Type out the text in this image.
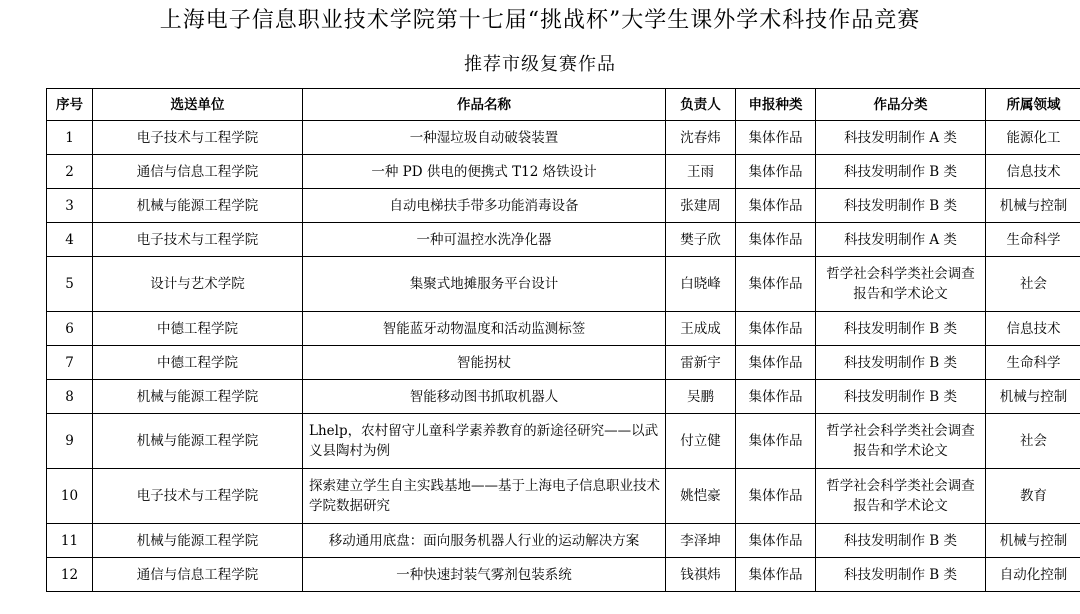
上海电子信息职业技术学院第十七届“挑战杯”大学生课外学术科技作品竞赛
推荐市级复赛作品
序号	选送单位	作品名称	负责人	申报种类	作品分类	所属领域
1	电子技术与工程学院	一种湿垃圾自动破袋装置	沈春炜	集体作品	科技发明制作 A 类	能源化工
2	通信与信息工程学院	一种 PD 供电的便携式 T12 烙铁设计	王雨	集体作品	科技发明制作 B 类	信息技术
3	机械与能源工程学院	自动电梯扶手带多功能消毒设备	张建周	集体作品	科技发明制作 B 类	机械与控制
4	电子技术与工程学院	一种可温控水洗净化器	樊子欣	集体作品	科技发明制作 A 类	生命科学
5	设计与艺术学院	集聚式地摊服务平台设计	白晓峰	集体作品	哲学社会科学类社会调查报告和学术论文	社会
6	中德工程学院	智能蓝牙动物温度和活动监测标签	王成成	集体作品	科技发明制作 B 类	信息技术
7	中德工程学院	智能拐杖	雷新宇	集体作品	科技发明制作 B 类	生命科学
8	机械与能源工程学院	智能移动图书抓取机器人	吴鹏	集体作品	科技发明制作 B 类	机械与控制
9	机械与能源工程学院	Lhelp，农村留守儿童科学素养教育的新途径研究——以武义县陶村为例	付立健	集体作品	哲学社会科学类社会调查报告和学术论文	社会
10	电子技术与工程学院	探索建立学生自主实践基地——基于上海电子信息职业技术学院数据研究	姚恺豪	集体作品	哲学社会科学类社会调查报告和学术论文	教育
11	机械与能源工程学院	移动通用底盘：面向服务机器人行业的运动解决方案	李泽坤	集体作品	科技发明制作 B 类	机械与控制
12	通信与信息工程学院	一种快速封装气雾剂包装系统	钱祺炜	集体作品	科技发明制作 B 类	自动化控制
